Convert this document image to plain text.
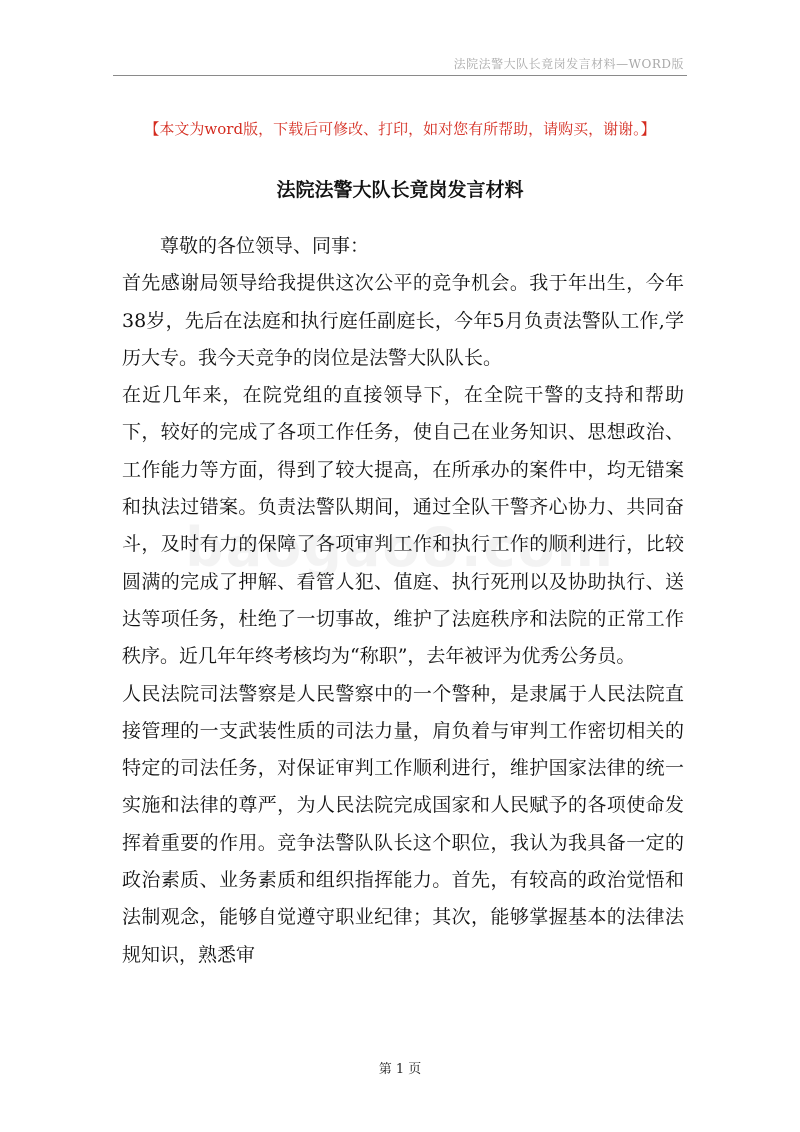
法院法警大队长竟岗发言材料—WORD版
【本文为word版，下载后可修改、打印，如对您有所帮助，请购买，谢谢。】
法院法警大队长竟岗发言材料

尊敬的各位领导、同事：

首先感谢局领导给我提供这次公平的竞争机会。我于年出生，今年38岁，先后在法庭和执行庭任副庭长，今年5月负责法警队工作,学历大专。我今天竞争的岗位是法警大队队长。

在近几年来，在院党组的直接领导下，在全院干警的支持和帮助下，较好的完成了各项工作任务，使自己在业务知识、思想政治、工作能力等方面，得到了较大提高，在所承办的案件中，均无错案和执法过错案。负责法警队期间，通过全队干警齐心协力、共同奋斗，及时有力的保障了各项审判工作和执行工作的顺利进行，比较圆满的完成了押解、看管人犯、值庭、执行死刑以及协助执行、送达等项任务，杜绝了一切事故，维护了法庭秩序和法院的正常工作秩序。近几年年终考核均为“称职”，去年被评为优秀公务员。

人民法院司法警察是人民警察中的一个警种，是隶属于人民法院直接管理的一支武装性质的司法力量，肩负着与审判工作密切相关的特定的司法任务，对保证审判工作顺利进行，维护国家法律的统一实施和法律的尊严，为人民法院完成国家和人民赋予的各项使命发挥着重要的作用。竞争法警队队长这个职位，我认为我具备一定的政治素质、业务素质和组织指挥能力。首先，有较高的政治觉悟和法制观念，能够自觉遵守职业纪律；其次，能够掌握基本的法律法规知识，熟悉审

第 1 页
